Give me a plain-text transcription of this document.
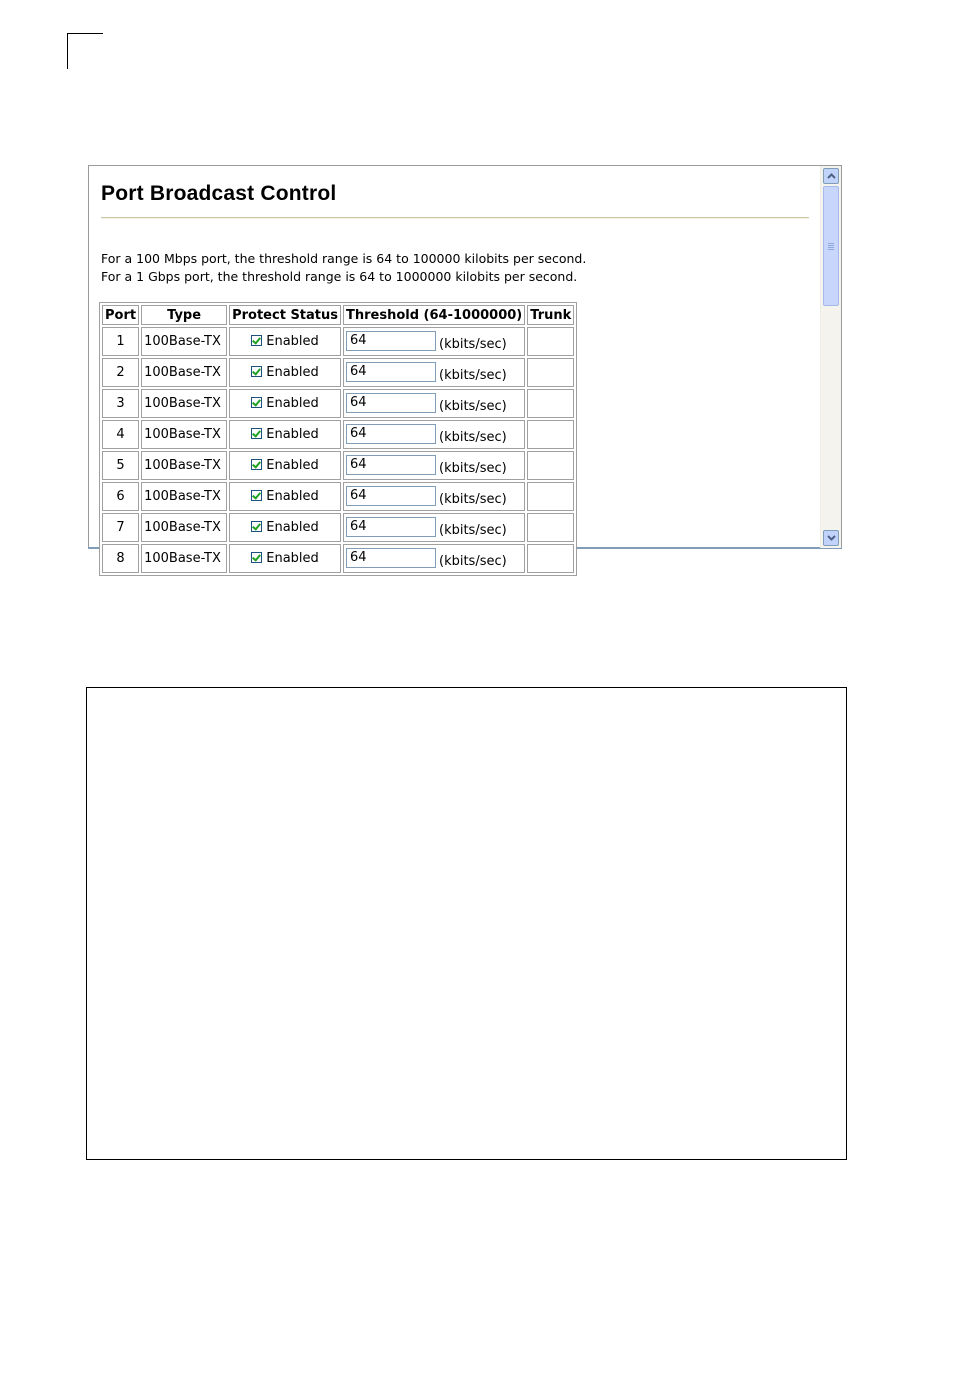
Port Broadcast Control
For a 100 Mbps port, the threshold range is 64 to 100000 kilobits per second.
For a 1 Gbps port, the threshold range is 64 to 1000000 kilobits per second.
Port	Type	Protect Status	Threshold (64-1000000)	Trunk
1	100Base-TX	Enabled	64 (kbits/sec)	
2	100Base-TX	Enabled	64 (kbits/sec)	
3	100Base-TX	Enabled	64 (kbits/sec)	
4	100Base-TX	Enabled	64 (kbits/sec)	
5	100Base-TX	Enabled	64 (kbits/sec)	
6	100Base-TX	Enabled	64 (kbits/sec)	
7	100Base-TX	Enabled	64 (kbits/sec)	
8	100Base-TX	Enabled	64 (kbits/sec)	
